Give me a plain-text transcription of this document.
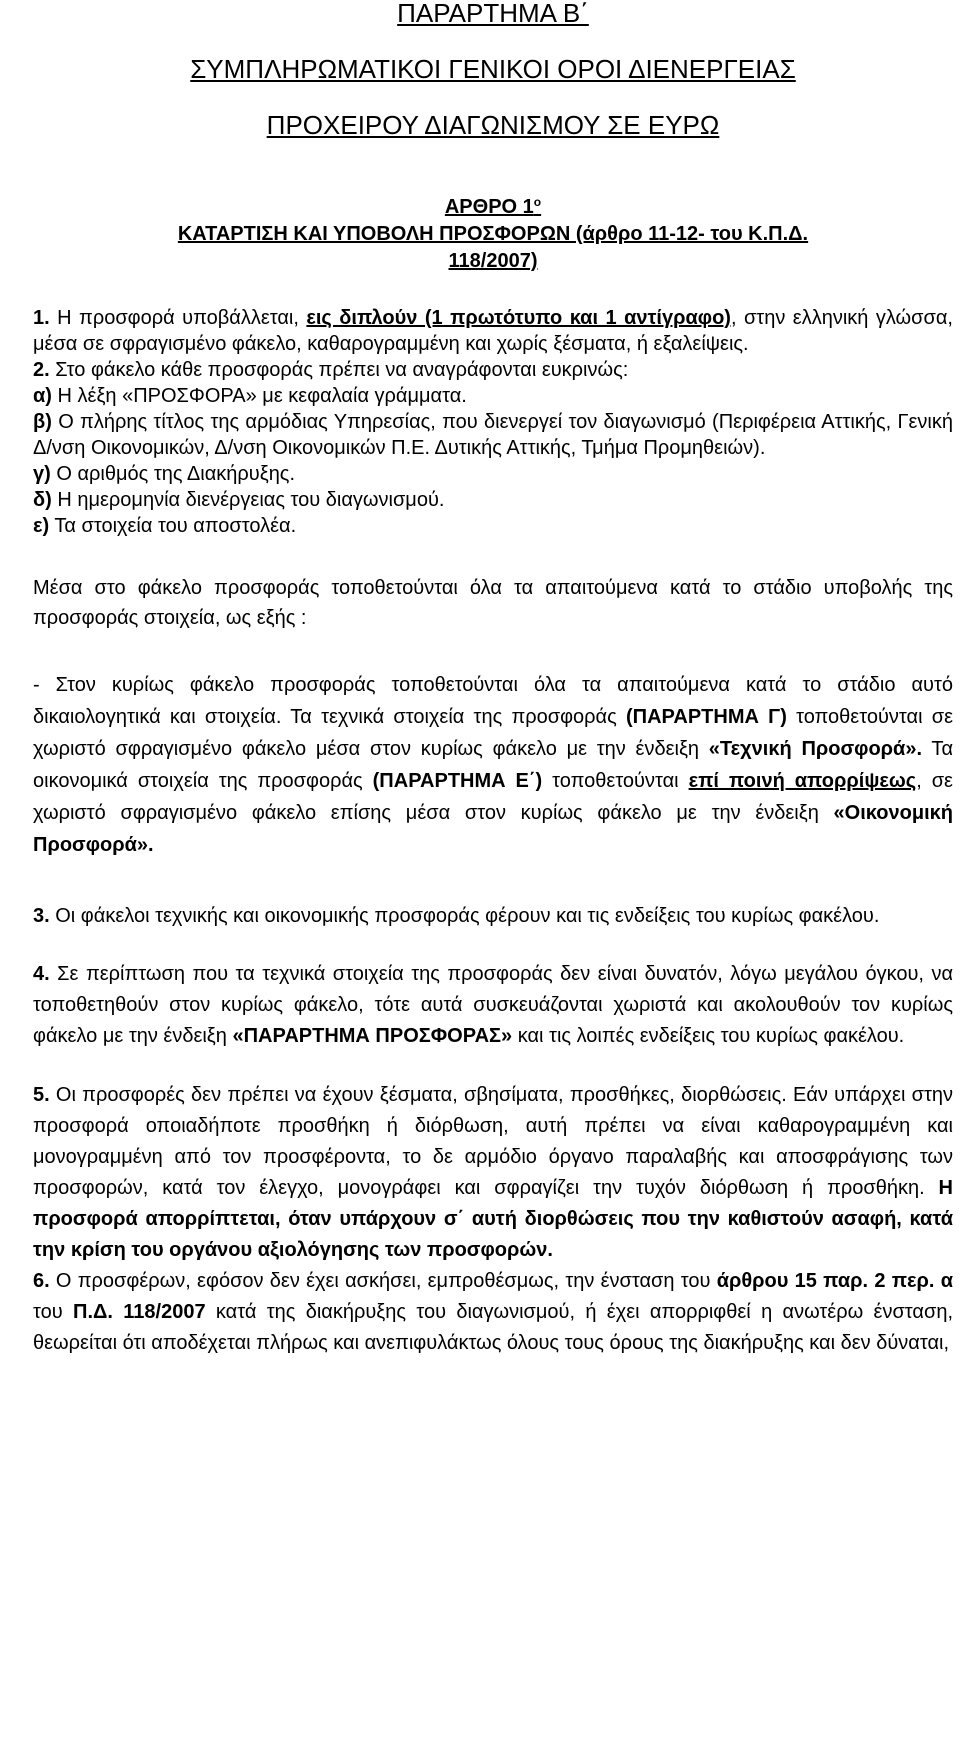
ΠΑΡΑΡΤΗΜΑ Β΄
ΣΥΜΠΛΗΡΩΜΑΤΙΚΟΙ ΓΕΝΙΚΟΙ ΟΡΟΙ ΔΙΕΝΕΡΓΕΙΑΣ
ΠΡΟΧΕΙΡΟΥ ΔΙΑΓΩΝΙΣΜΟΥ ΣΕ ΕΥΡΩ
ΑΡΘΡΟ $1^o$
ΚΑΤΑΡΤΙΣΗ ΚΑΙ ΥΠΟΒΟΛΗ ΠΡΟΣΦΟΡΩΝ (άρθρο 11-12- του Κ.Π.Δ.
118/2007)
1. Η προσφορά υποβάλλεται, εις διπλούν (1 πρωτότυπο και 1 αντίγραφο), στην ελληνική γλώσσα, μέσα σε σφραγισμένο φάκελο, καθαρογραμμένη και χωρίς ξέσματα, ή εξαλείψεις.
2. Στο φάκελο κάθε προσφοράς πρέπει να αναγράφονται ευκρινώς:
α) Η λέξη «ΠΡΟΣΦΟΡΑ» με κεφαλαία γράμματα.
β) Ο πλήρης τίτλος της αρμόδιας Υπηρεσίας, που διενεργεί τον διαγωνισμό (Περιφέρεια Αττικής, Γενική Δ/νση Οικονομικών, Δ/νση Οικονομικών Π.Ε. Δυτικής Αττικής, Τμήμα Προμηθειών).
γ) Ο αριθμός της Διακήρυξης.
δ) Η ημερομηνία διενέργειας του διαγωνισμού.
ε) Τα στοιχεία του αποστολέα.
Μέσα στο φάκελο προσφοράς τοποθετούνται όλα τα απαιτούμενα κατά το στάδιο υποβολής της προσφοράς στοιχεία, ως εξής :
- Στον κυρίως φάκελο προσφοράς τοποθετούνται όλα τα απαιτούμενα κατά το στάδιο αυτό δικαιολογητικά και στοιχεία. Τα τεχνικά στοιχεία της προσφοράς (ΠΑΡΑΡΤΗΜΑ Γ) τοποθετούνται σε χωριστό σφραγισμένο φάκελο μέσα στον κυρίως φάκελο με την ένδειξη «Τεχνική Προσφορά». Τα οικονομικά στοιχεία της προσφοράς (ΠΑΡΑΡΤΗΜΑ Ε΄) τοποθετούνται επί ποινή απορρίψεως, σε χωριστό σφραγισμένο φάκελο επίσης μέσα στον κυρίως φάκελο με την ένδειξη «Οικονομική Προσφορά».
3. Οι φάκελοι τεχνικής και οικονομικής προσφοράς φέρουν και τις ενδείξεις του κυρίως φακέλου.
4. Σε περίπτωση που τα τεχνικά στοιχεία της προσφοράς δεν είναι δυνατόν, λόγω μεγάλου όγκου, να τοποθετηθούν στον κυρίως φάκελο, τότε αυτά συσκευάζονται χωριστά και ακολουθούν τον κυρίως φάκελο με την ένδειξη «ΠΑΡΑΡΤΗΜΑ ΠΡΟΣΦΟΡΑΣ» και τις λοιπές ενδείξεις του κυρίως φακέλου.
5. Οι προσφορές δεν πρέπει να έχουν ξέσματα, σβησίματα, προσθήκες, διορθώσεις. Εάν υπάρχει στην προσφορά οποιαδήποτε προσθήκη ή διόρθωση, αυτή πρέπει να είναι καθαρογραμμένη και μονογραμμένη από τον προσφέροντα, το δε αρμόδιο όργανο παραλαβής και αποσφράγισης των προσφορών, κατά τον έλεγχο, μονογράφει και σφραγίζει την τυχόν διόρθωση ή προσθήκη. Η προσφορά απορρίπτεται, όταν υπάρχουν σ΄ αυτή διορθώσεις που την καθιστούν ασαφή, κατά την κρίση του οργάνου αξιολόγησης των προσφορών.
6. Ο προσφέρων, εφόσον δεν έχει ασκήσει, εμπροθέσμως, την ένσταση του άρθρου 15 παρ. 2 περ. α του Π.Δ. 118/2007 κατά της διακήρυξης του διαγωνισμού, ή έχει απορριφθεί η ανωτέρω ένσταση, θεωρείται ότι αποδέχεται πλήρως και ανεπιφυλάκτως όλους τους όρους της διακήρυξης και δεν δύναται,
